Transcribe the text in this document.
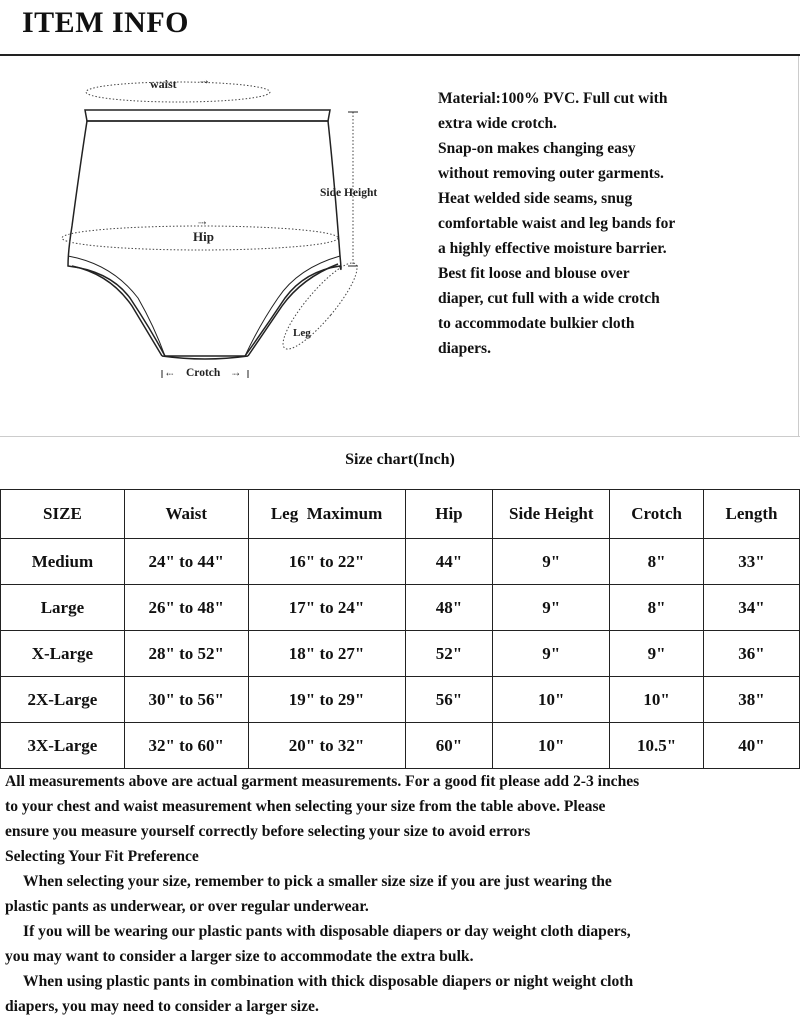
ITEM INFO
waist ⇢
Hip
⇢
Side Height
Leg
Crotch
⇠	⇢
Material:100% PVC. Full cut with
extra wide crotch.
Snap-on makes changing easy
without removing outer garments.
Heat welded side seams, snug
comfortable waist and leg bands for
a highly effective moisture barrier.
Best fit loose and blouse over
diaper, cut full with a wide crotch
to accommodate bulkier cloth
diapers.
Size chart(Inch)
SIZE	Waist	Leg  Maximum	Hip	Side Height	Crotch	Length
Medium	24" to 44"	16" to 22"	44"	9"	8"	33"
Large	26" to 48"	17" to 24"	48"	9"	8"	34"
X-Large	28" to 52"	18" to 27"	52"	9"	9"	36"
2X-Large	30" to 56"	19" to 29"	56"	10"	10"	38"
3X-Large	32" to 60"	20" to 32"	60"	10"	10.5"	40"
All measurements above are actual garment measurements. For a good fit please add 2-3 inches
to your chest and waist measurement when selecting your size from the table above. Please
ensure you measure yourself correctly before selecting your size to avoid errors
Selecting Your Fit Preference
When selecting your size, remember to pick a smaller size size if you are just wearing the
plastic pants as underwear, or over regular underwear.
If you will be wearing our plastic pants with disposable diapers or day weight cloth diapers,
you may want to consider a larger size to accommodate the extra bulk.
When using plastic pants in combination with thick disposable diapers or night weight cloth
diapers, you may need to consider a larger size.
